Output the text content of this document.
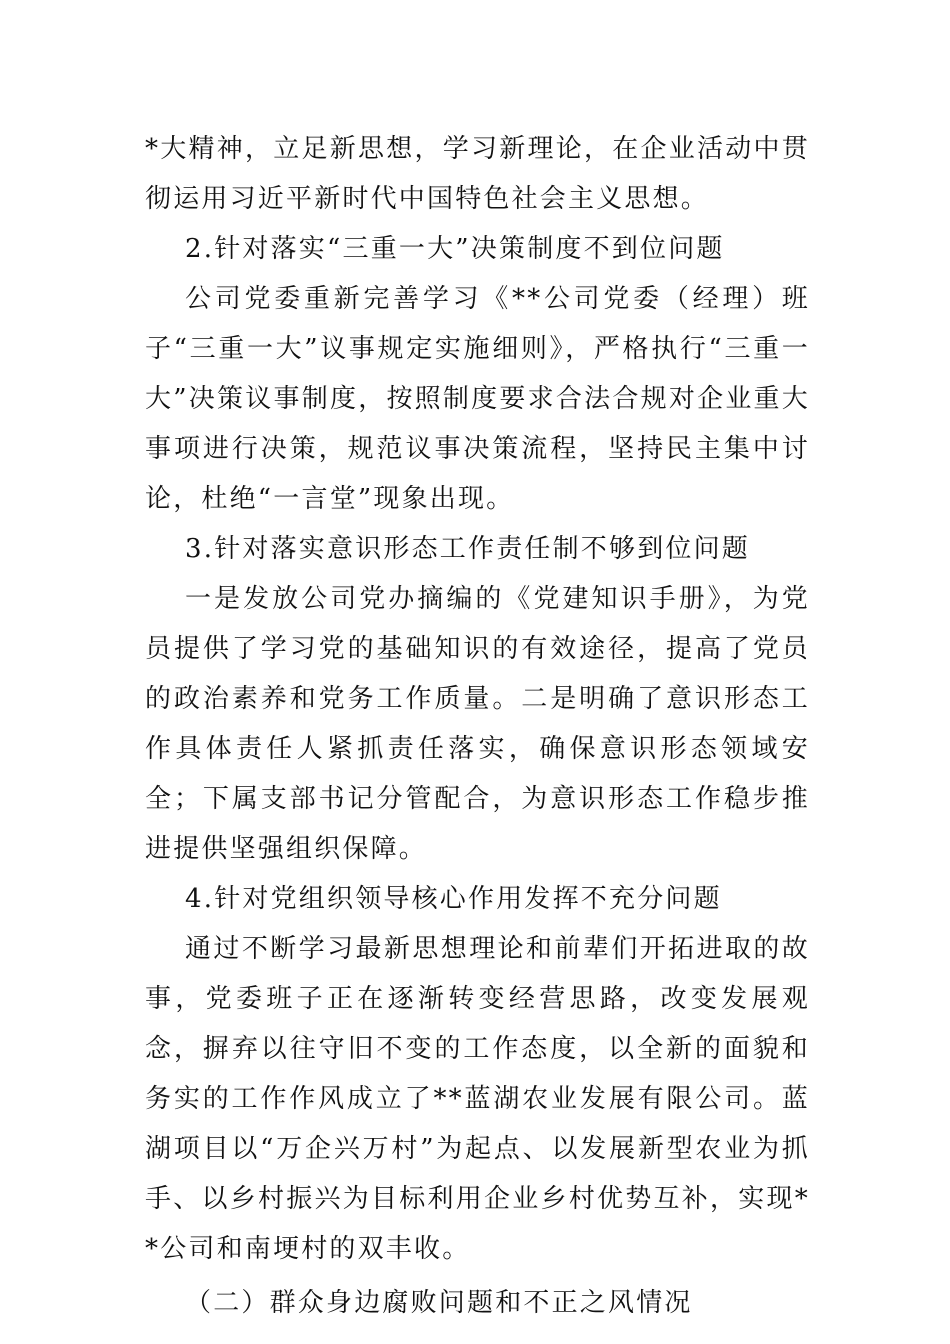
*大精神，立足新思想，学习新理论，在企业活动中贯彻运用习近平新时代中国特色社会主义思想。

2.针对落实“三重一大”决策制度不到位问题

公司党委重新完善学习《**公司党委（经理）班子“三重一大”议事规定实施细则》，严格执行“三重一大”决策议事制度，按照制度要求合法合规对企业重大事项进行决策，规范议事决策流程，坚持民主集中讨论，杜绝“一言堂”现象出现。

3.针对落实意识形态工作责任制不够到位问题

一是发放公司党办摘编的《党建知识手册》，为党员提供了学习党的基础知识的有效途径，提高了党员的政治素养和党务工作质量。二是明确了意识形态工作具体责任人紧抓责任落实，确保意识形态领域安全；下属支部书记分管配合，为意识形态工作稳步推进提供坚强组织保障。

4.针对党组织领导核心作用发挥不充分问题

通过不断学习最新思想理论和前辈们开拓进取的故事，党委班子正在逐渐转变经营思路，改变发展观念，摒弃以往守旧不变的工作态度，以全新的面貌和务实的工作作风成立了**蓝湖农业发展有限公司。蓝湖项目以“万企兴万村”为起点、以发展新型农业为抓手、以乡村振兴为目标利用企业乡村优势互补，实现**公司和南埂村的双丰收。

（二）群众身边腐败问题和不正之风情况
